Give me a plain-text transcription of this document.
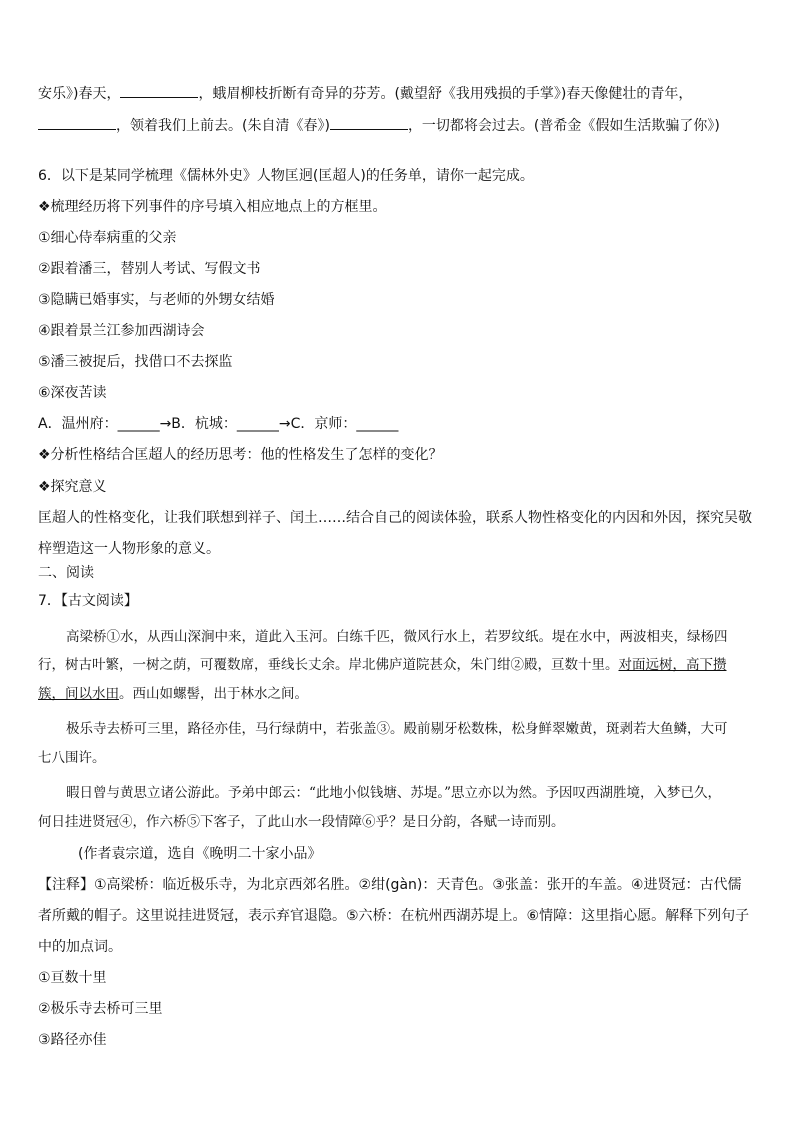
安乐》)春天，	，蛾眉柳枝折断有奇异的芬芳。(戴望舒《我用残损的手掌》)春天像健壮的青年，
，领着我们上前去。(朱自清《春》)	，一切都将会过去。(普希金《假如生活欺骗了你》)
6．以下是某同学梳理《儒林外史》人物匡迥(匡超人)的任务单，请你一起完成。
❖梳理经历将下列事件的序号填入相应地点上的方框里。
①细心侍奉病重的父亲
②跟着潘三，替别人考试、写假文书
③隐瞒已婚事实，与老师的外甥女结婚
④跟着景兰江参加西湖诗会
⑤潘三被捉后，找借口不去探监
⑥深夜苦读
A．温州府：______→B．杭城：______→C．京师：______
❖分析性格结合匡超人的经历思考：他的性格发生了怎样的变化？
❖探究意义
匡超人的性格变化，让我们联想到祥子、闰土……结合自己的阅读体验，联系人物性格变化的内因和外因，探究吴敬
梓塑造这一人物形象的意义。
二、阅读
7．【古文阅读】
高梁桥①水，从西山深涧中来，道此入玉河。白练千匹，微风行水上，若罗纹纸。堤在水中，两波相夹，绿杨四
行，树古叶繁，一树之荫，可覆数席，垂线长丈余。岸北佛庐道院甚众，朱门绀②殿，亘数十里。对面远树，高下攒
簇，间以水田。西山如螺髻，出于林水之间。
极乐寺去桥可三里，路径亦佳，马行绿荫中，若张盖③。殿前剔牙松数株，松身鲜翠嫩黄，斑剥若大鱼鳞，大可
七八围许。
暇日曾与黄思立诸公游此。予弟中郎云：“此地小似钱塘、苏堤。”思立亦以为然。予因叹西湖胜境，入梦已久，
何日挂进贤冠④，作六桥⑤下客子，了此山水一段情障⑥乎？是日分韵，各赋一诗而别。
(作者袁宗道，选自《晚明二十家小品》
【注释】①高梁桥：临近极乐寺，为北京西郊名胜。②绀(gàn)：天青色。③张盖：张开的车盖。④进贤冠：古代儒
者所戴的帽子。这里说挂进贤冠，表示弃官退隐。⑤六桥：在杭州西湖苏堤上。⑥情障：这里指心愿。解释下列句子
中的加点词。
①亘数十里
②极乐寺去桥可三里
③路径亦佳
